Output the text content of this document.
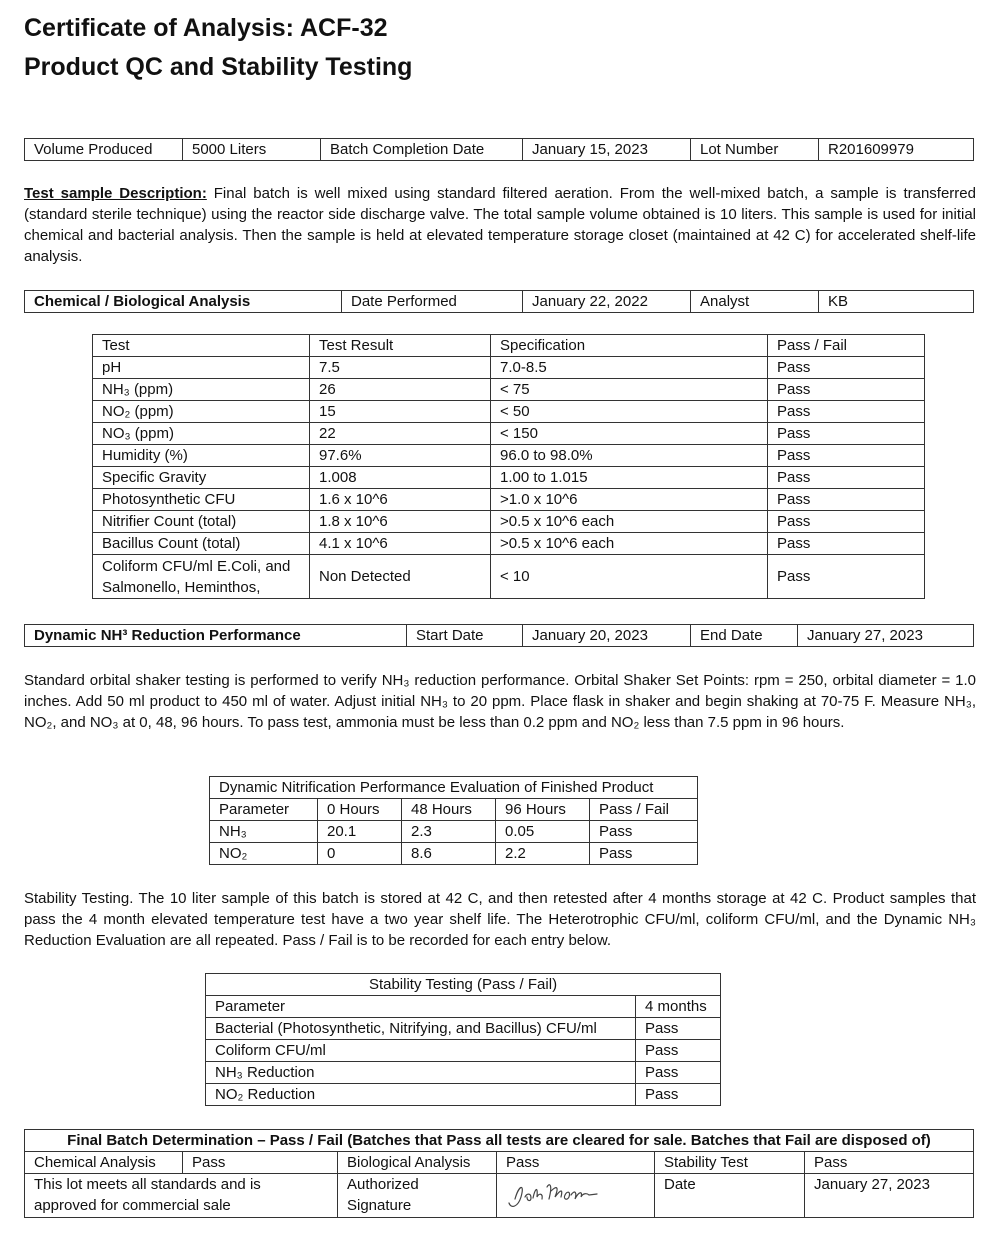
Certificate of Analysis: ACF-32
Product QC and Stability Testing
Volume Produced	5000 Liters	Batch Completion Date	January 15, 2023	Lot Number	R201609979
Test sample Description: Final batch is well mixed using standard filtered aeration. From the well-mixed batch, a sample is transferred (standard sterile technique) using the reactor side discharge valve. The total sample volume obtained is 10 liters. This sample is used for initial chemical and bacterial analysis. Then the sample is held at elevated temperature storage closet (maintained at 42 C) for accelerated shelf-life analysis.
Chemical / Biological Analysis	Date Performed	January 22, 2022	Analyst	KB
Test	Test Result	Specification	Pass / Fail
pH	7.5	7.0-8.5	Pass
NH₃ (ppm)	26	< 75	Pass
NO₂ (ppm)	15	< 50	Pass
NO₃ (ppm)	22	< 150	Pass
Humidity (%)	97.6%	96.0 to 98.0%	Pass
Specific Gravity	1.008	1.00 to 1.015	Pass
Photosynthetic CFU	1.6 x 10^6	>1.0 x 10^6	Pass
Nitrifier Count (total)	1.8 x 10^6	>0.5 x 10^6 each	Pass
Bacillus Count (total)	4.1 x 10^6	>0.5 x 10^6 each	Pass
Coliform CFU/ml E.Coli, and Salmonello, Heminthos,	Non Detected	< 10	Pass
Dynamic NH³ Reduction Performance	Start Date	January 20, 2023	End Date	January 27, 2023
Standard orbital shaker testing is performed to verify NH₃ reduction performance. Orbital Shaker Set Points: rpm = 250, orbital diameter = 1.0 inches. Add 50 ml product to 450 ml of water. Adjust initial NH₃ to 20 ppm. Place flask in shaker and begin shaking at 70-75 F. Measure NH₃, NO₂, and NO₃ at 0, 48, 96 hours. To pass test, ammonia must be less than 0.2 ppm and NO₂ less than 7.5 ppm in 96 hours.
Dynamic Nitrification Performance Evaluation of Finished Product				
Parameter	0 Hours	48 Hours	96 Hours	Pass / Fail
NH₃	20.1	2.3	0.05	Pass
NO₂	0	8.6	2.2	Pass
Stability Testing. The 10 liter sample of this batch is stored at 42 C, and then retested after 4 months storage at 42 C. Product samples that pass the 4 month elevated temperature test have a two year shelf life. The Heterotrophic CFU/ml, coliform CFU/ml, and the Dynamic NH₃ Reduction Evaluation are all repeated. Pass / Fail is to be recorded for each entry below.
Stability Testing (Pass / Fail)	
Parameter	4 months
Bacterial (Photosynthetic, Nitrifying, and Bacillus) CFU/ml	Pass
Coliform CFU/ml	Pass
NH₃ Reduction	Pass
NO₂ Reduction	Pass
Final Batch Determination – Pass / Fail (Batches that Pass all tests are cleared for sale. Batches that Fail are disposed of)					
Chemical Analysis	Pass	Biological Analysis	Pass	Stability Test	Pass
This lot meets all standards and is approved for commercial sale		Authorized Signature		Date	January 27, 2023
